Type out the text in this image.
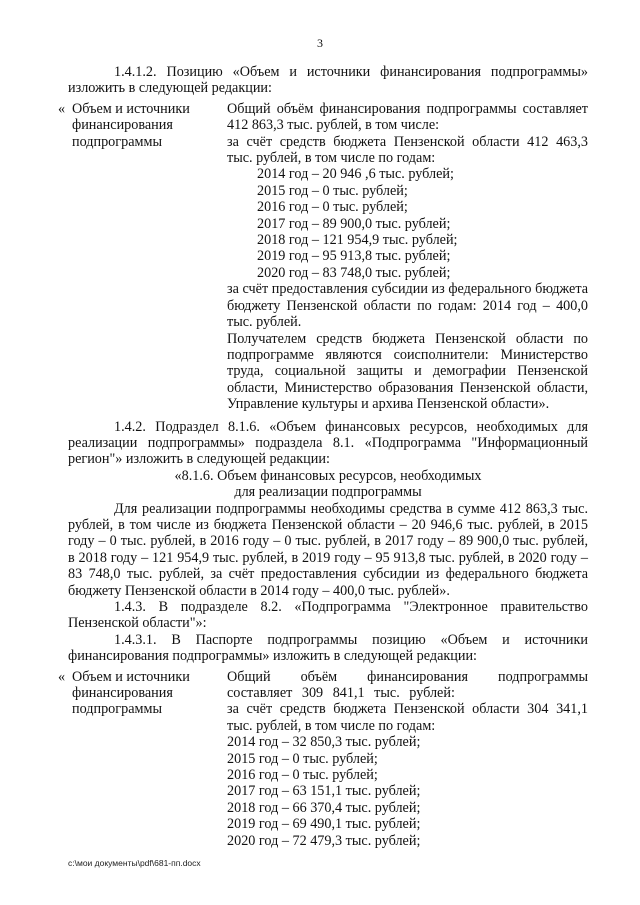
3

1.4.1.2. Позицию «Объем и источники финансирования подпрограммы» изложить в следующей редакции:

« Объем и источники
финансирования
подпрограммы

Общий объём финансирования подпрограммы составляет 412 863,3 тыс. рублей, в том числе:

за счёт средств бюджета Пензенской области 412 463,3 тыс. рублей, в том числе по годам:

2014 год – 20 946 ,6 тыс. рублей;
2015 год – 0 тыс. рублей;
2016 год – 0 тыс. рублей;
2017 год – 89 900,0 тыс. рублей;
2018 год – 121 954,9 тыс. рублей;
2019 год – 95 913,8 тыс. рублей;
2020 год – 83 748,0 тыс. рублей;

за счёт предоставления субсидии из федерального бюджета бюджету Пензенской области по годам: 2014 год – 400,0 тыс. рублей.

Получателем средств бюджета Пензенской области по подпрограмме являются соисполнители: Министерство труда, социальной защиты и демографии Пензенской области, Министерство образования Пензенской области, Управление культуры и архива Пензенской области».

1.4.2. Подраздел 8.1.6. «Объем финансовых ресурсов, необходимых для реализации подпрограммы» подраздела 8.1. «Подпрограмма "Информационный регион"» изложить в следующей редакции:

«8.1.6. Объем финансовых ресурсов, необходимых

для реализации подпрограммы

Для реализации подпрограммы необходимы средства в сумме 412 863,3 тыс. рублей, в том числе из бюджета Пензенской области – 20 946,6 тыс. рублей, в 2015 году – 0 тыс. рублей, в 2016 году – 0 тыс. рублей, в 2017 году – 89 900,0 тыс. рублей, в 2018 году – 121 954,9 тыс. рублей, в 2019 году – 95 913,8 тыс. рублей, в 2020 году – 83 748,0 тыс. рублей, за счёт предоставления субсидии из федерального бюджета бюджету Пензенской области в 2014 году – 400,0 тыс. рублей».

1.4.3. В подразделе 8.2. «Подпрограмма "Электронное правительство Пензенской области"»:

1.4.3.1. В Паспорте подпрограммы позицию «Объем и источники финансирования подпрограммы» изложить в следующей редакции:

« Объем и источники
финансирования
подпрограммы

Общий объём финансирования подпрограммы составляет 309 841,1 тыс. рублей:

за счёт средств бюджета Пензенской области 304 341,1 тыс. рублей, в том числе по годам:

2014 год – 32 850,3 тыс. рублей;
2015 год – 0 тыс. рублей;
2016 год – 0 тыс. рублей;
2017 год – 63 151,1 тыс. рублей;
2018 год – 66 370,4 тыс. рублей;
2019 год – 69 490,1 тыс. рублей;
2020 год – 72 479,3 тыс. рублей;
c:\мои документы\pdf\681-пп.docx
